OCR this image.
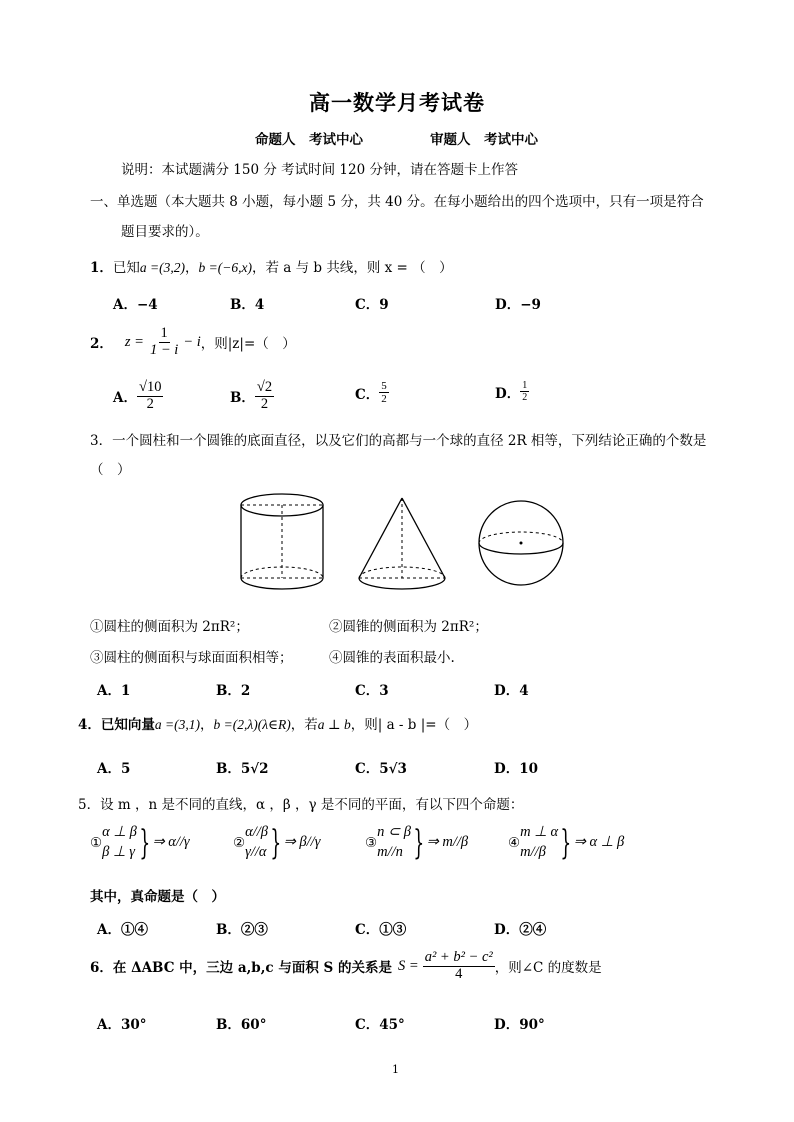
高一数学月考试卷
命题人　考试中心	审题人　考试中心
说明：本试题满分 150 分 考试时间 120 分钟，请在答题卡上作答
一、单选题（本大题共 8 小题，每小题 5 分，共 40 分。在每小题给出的四个选项中，只有一项是符合
题目要求的）。
1．已知a =(3,2)，b =(−6,x)，若 a 与 b 共线，则 x = （　）
A．−4	B．4	C．9	D．−9
2． $z = \frac{1}{1 - i} - i$ ，则|z|=（　）
A． $\frac{√10}{2}$	B． $\frac{√2}{2}$	C． $\frac{5}{2}$	D． $\frac{1}{2}$
3．一个圆柱和一个圆锥的底面直径，以及它们的高都与一个球的直径 2R 相等，下列结论正确的个数是
（　）
①圆柱的侧面积为 2πR²；	②圆锥的侧面积为 2πR²；
③圆柱的侧面积与球面面积相等；	④圆锥的表面积最小.
A．1	B．2	C．3	D．4
4．已知向量a =(3,1)，b =(2,λ)(λ∈R)，若a ⊥ b，则| a - b |=（　）
A．5	B．5√2	C．5√3	D．10
5．设 m ，n 是不同的直线，α ，β ，γ 是不同的平面，有以下四个命题：
①
α ⊥ β
β ⊥ γ } ⇒ α//γ	②
α//β
γ//α } ⇒ β//γ	③
n ⊂ β
m//n } ⇒ m//β	④
m ⊥ α
m//β } ⇒ α ⊥ β
其中，真命题是（　）
A．①④	B．②③	C．①③	D．②④
6．在 ΔABC 中，三边 a,b,c 与面积 S 的关系是 $S = \frac{\text{a² + b² − c²}}{4}$ ，则∠C 的度数是
A．30°	B．60°	C．45°	D．90°
1
